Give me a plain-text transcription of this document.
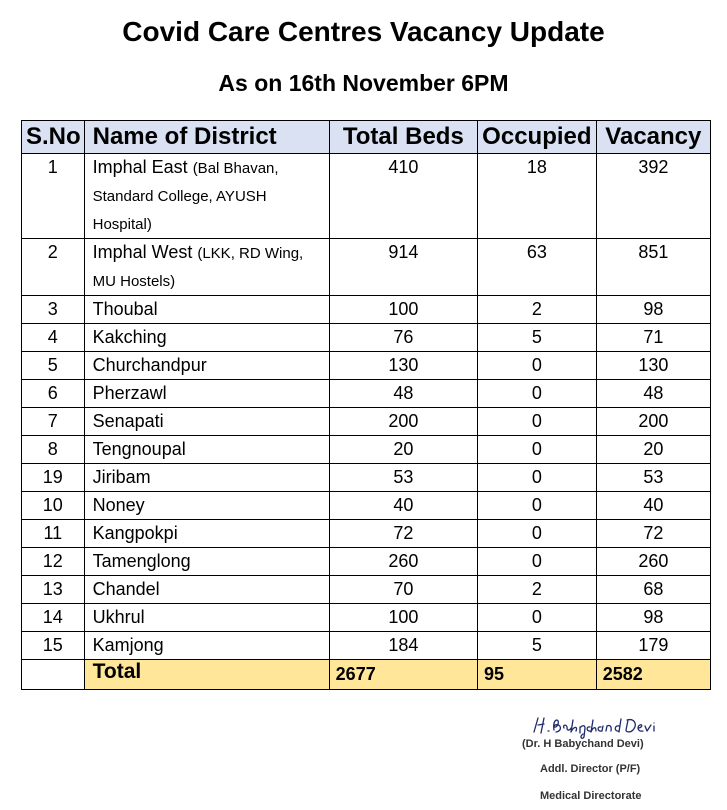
Covid Care Centres Vacancy Update
As on 16th November 6PM
S.No	Name of District	Total Beds	Occupied	Vacancy
1	Imphal East (Bal Bhavan, Standard College, AYUSH Hospital)	410	18	392
2	Imphal West (LKK, RD Wing, MU Hostels)	914	63	851
3	Thoubal	100	2	98
4	Kakching	76	5	71
5	Churchandpur	130	0	130
6	Pherzawl	48	0	48
7	Senapati	200	0	200
8	Tengnoupal	20	0	20
19	Jiribam	53	0	53
10	Noney	40	0	40
11	Kangpokpi	72	0	72
12	Tamenglong	260	0	260
13	Chandel	70	2	68
14	Ukhrul	100	0	98
15	Kamjong	184	5	179
	Total	2677	95	2582
(Dr. H Babychand Devi)
Addl. Director (P/F)
Medical Directorate
